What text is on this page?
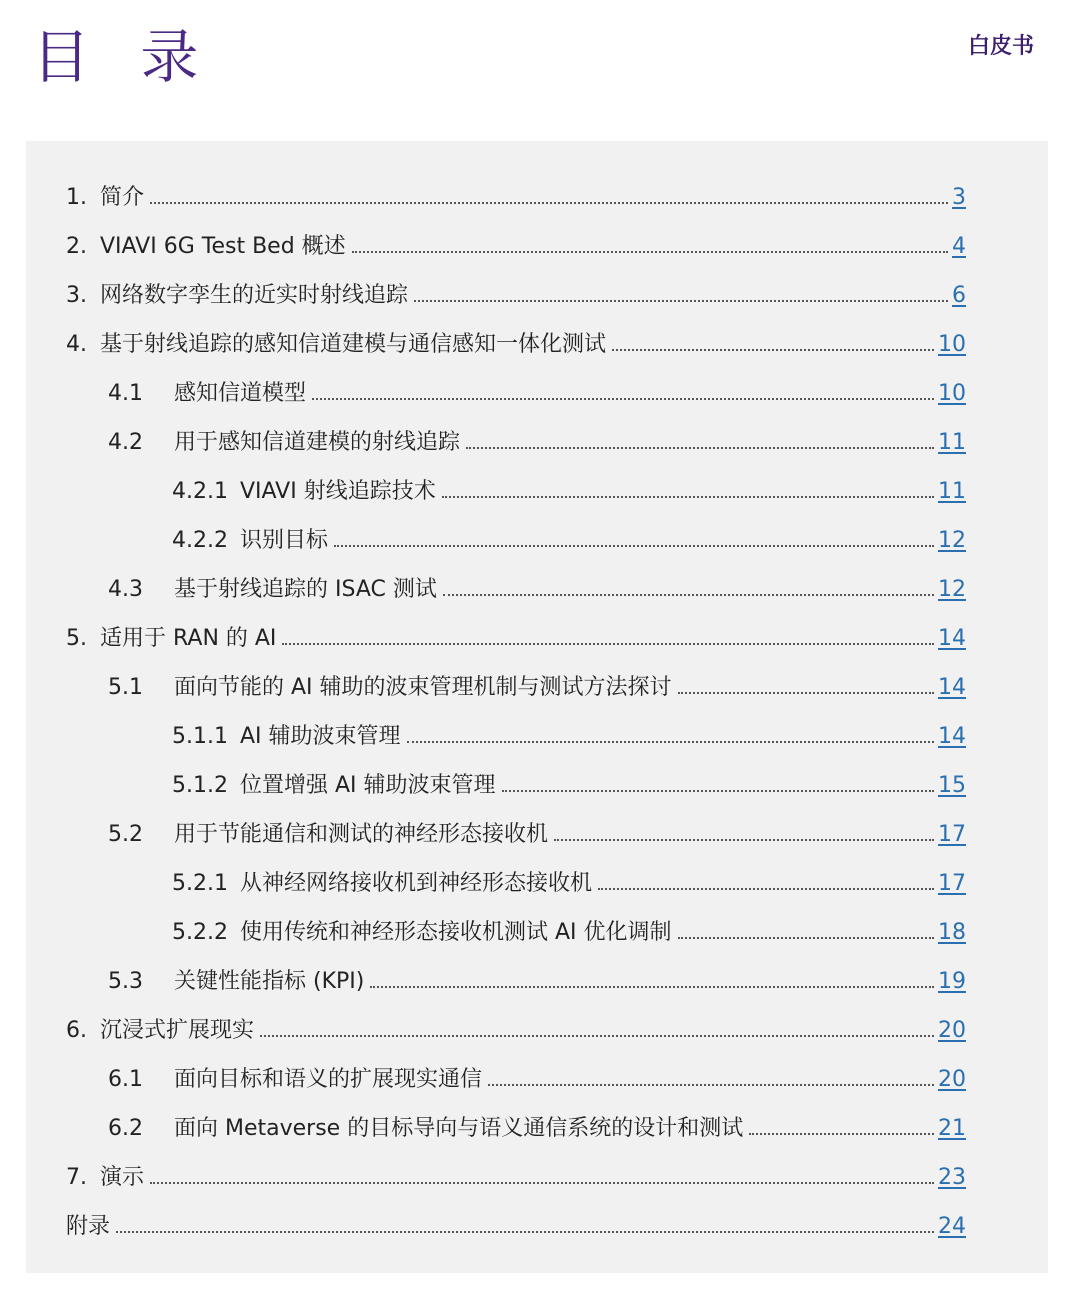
目 录	白皮书
1. 简介	3
2. VIAVI 6G Test Bed 概述	4
3. 网络数字孪生的近实时射线追踪	6
4. 基于射线追踪的感知信道建模与通信感知一体化测试	10
4.1	感知信道模型	10
4.2	用于感知信道建模的射线追踪	11
4.2.1 VIAVI 射线追踪技术	11
4.2.2 识别目标	12
4.3	基于射线追踪的 ISAC 测试	12
5. 适用于 RAN 的 AI	14
5.1	面向节能的 AI 辅助的波束管理机制与测试方法探讨	14
5.1.1 AI 辅助波束管理	14
5.1.2 位置增强 AI 辅助波束管理	15
5.2	用于节能通信和测试的神经形态接收机	17
5.2.1 从神经网络接收机到神经形态接收机	17
5.2.2 使用传统和神经形态接收机测试 AI 优化调制	18
5.3	关键性能指标 (KPI)	19
6. 沉浸式扩展现实	20
6.1	面向目标和语义的扩展现实通信	20
6.2	面向 Metaverse 的目标导向与语义通信系统的设计和测试	21
7. 演示	23
附录	24
